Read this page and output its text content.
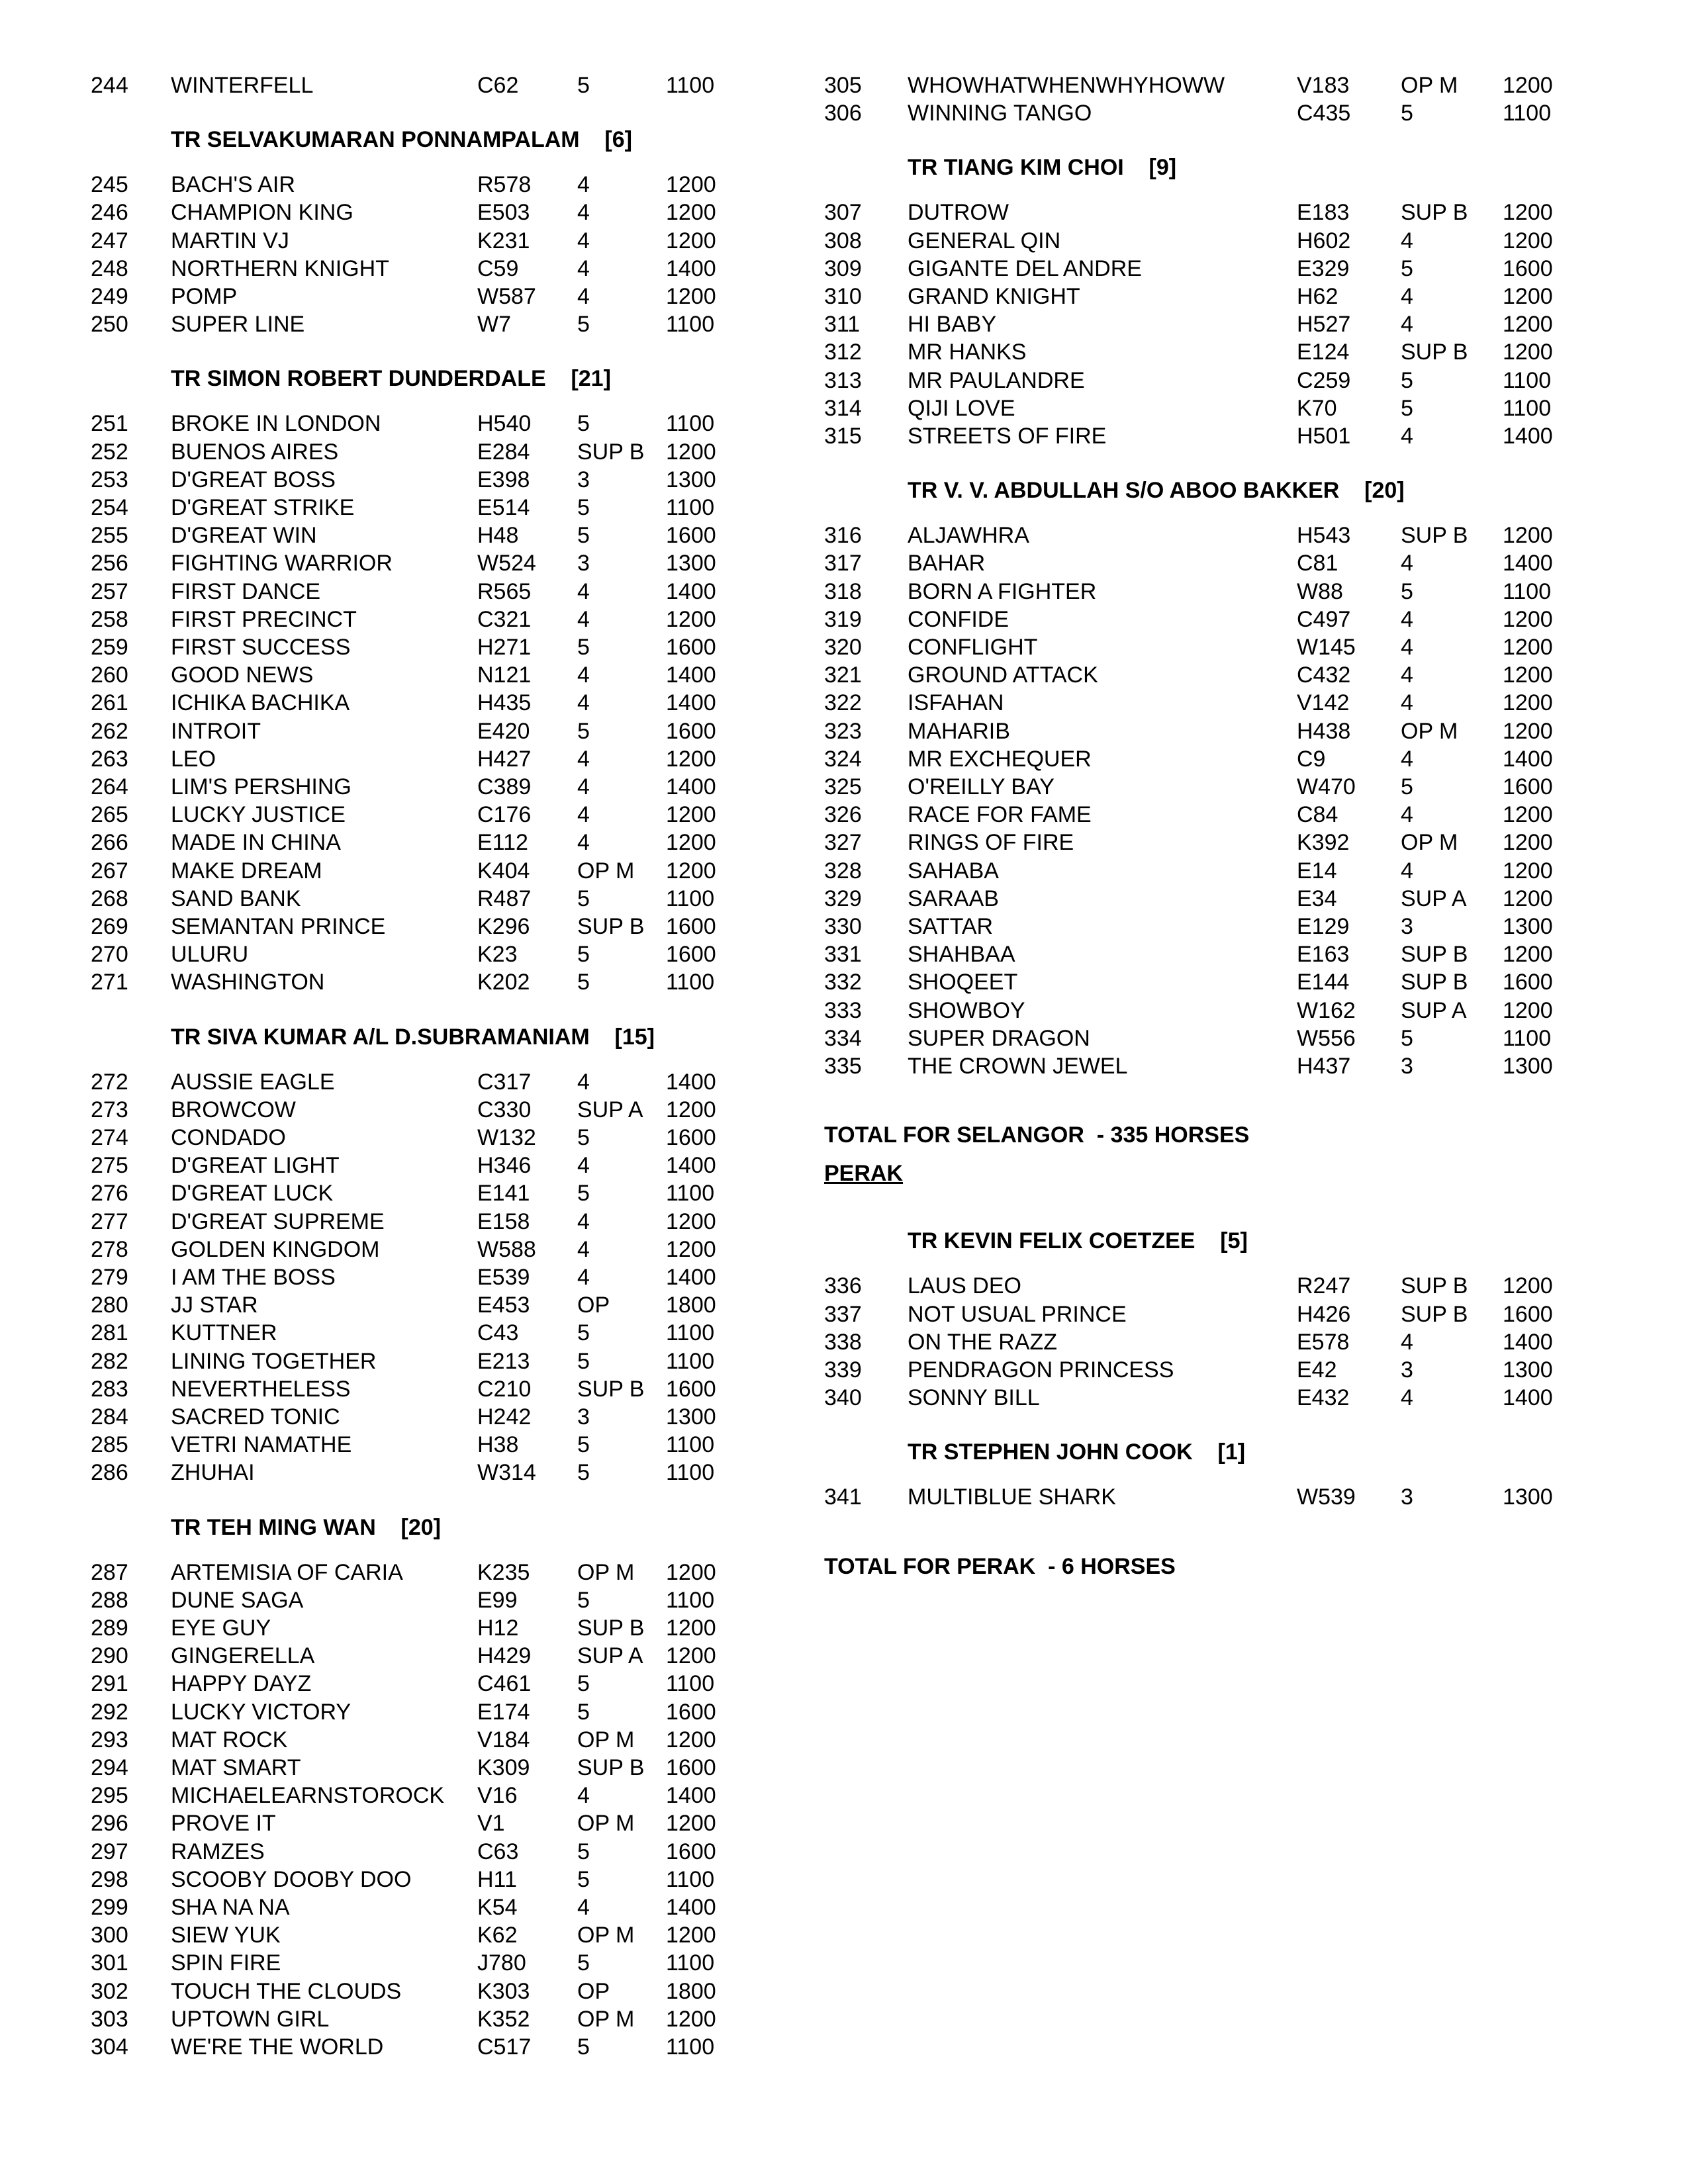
244 WINTERFELL	C62	5	1100
TR SELVAKUMARAN PONNAMPALAM    [6]
245 BACH'S AIR	R578 4	1200
246 CHAMPION KING	E503 4	1200
247 MARTIN VJ	K231 4	1200
248 NORTHERN KNIGHT	C59	4	1400
249 POMP	W587 4	1200
250 SUPER LINE	W7	5	1100
TR SIMON ROBERT DUNDERDALE    [21]
251 BROKE IN LONDON	H540 5	1100
252 BUENOS AIRES	E284 SUP B 1200
253 D'GREAT BOSS	E398 3	1300
254 D'GREAT STRIKE	E514 5	1100
255 D'GREAT WIN	H48	5	1600
256 FIGHTING WARRIOR	W524 3	1300
257 FIRST DANCE	R565 4	1400
258 FIRST PRECINCT	C321 4	1200
259 FIRST SUCCESS	H271 5	1600
260 GOOD NEWS	N121 4	1400
261 ICHIKA BACHIKA	H435 4	1400
262 INTROIT	E420 5	1600
263 LEO	H427 4	1200
264 LIM'S PERSHING	C389 4	1400
265 LUCKY JUSTICE	C176 4	1200
266 MADE IN CHINA	E112 4	1200
267 MAKE DREAM	K404 OP M 1200
268 SAND BANK	R487 5	1100
269 SEMANTAN PRINCE	K296 SUP B 1600
270 ULURU	K23	5	1600
271 WASHINGTON	K202 5	1100
TR SIVA KUMAR A/L D.SUBRAMANIAM    [15]
272 AUSSIE EAGLE	C317 4	1400
273 BROWCOW	C330 SUP A 1200
274 CONDADO	W132 5	1600
275 D'GREAT LIGHT	H346 4	1400
276 D'GREAT LUCK	E141 5	1100
277 D'GREAT SUPREME	E158 4	1200
278 GOLDEN KINGDOM	W588 4	1200
279 I AM THE BOSS	E539 4	1400
280 JJ STAR	E453 OP 1800
281 KUTTNER	C43	5	1100
282 LINING TOGETHER	E213 5	1100
283 NEVERTHELESS	C210 SUP B 1600
284 SACRED TONIC	H242 3	1300
285 VETRI NAMATHE	H38	5	1100
286 ZHUHAI	W314 5	1100
TR TEH MING WAN    [20]
287 ARTEMISIA OF CARIA	K235 OP M 1200
288 DUNE SAGA	E99	5	1100
289 EYE GUY	H12	SUP B 1200
290 GINGERELLA	H429 SUP A 1200
291 HAPPY DAYZ	C461 5	1100
292 LUCKY VICTORY	E174 5	1600
293 MAT ROCK	V184 OP M 1200
294 MAT SMART	K309 SUP B 1600
295 MICHAELEARNSTOROCK V16	4	1400
296 PROVE IT	V1	OP M 1200
297 RAMZES	C63	5	1600
298 SCOOBY DOOBY DOO	H11	5	1100
299 SHA NA NA	K54	4	1400
300 SIEW YUK	K62	OP M 1200
301 SPIN FIRE	J780 5	1100
302 TOUCH THE CLOUDS	K303 OP 1800
303 UPTOWN GIRL	K352 OP M 1200
304 WE'RE THE WORLD	C517 5	1100
305 WHOWHATWHENWHYHOWW	V183 OP M 1200
306 WINNING TANGO	C435 5	1100
TR TIANG KIM CHOI    [9]
307 DUTROW	E183 SUP B 1200
308 GENERAL QIN	H602 4	1200
309 GIGANTE DEL ANDRE	E329 5	1600
310 GRAND KNIGHT	H62	4	1200
311 HI BABY	H527 4	1200
312 MR HANKS	E124 SUP B 1200
313 MR PAULANDRE	C259 5	1100
314 QIJI LOVE	K70	5	1100
315 STREETS OF FIRE	H501 4	1400
TR V. V. ABDULLAH S/O ABOO BAKKER    [20]
316 ALJAWHRA	H543 SUP B 1200
317 BAHAR	C81	4	1400
318 BORN A FIGHTER	W88	5	1100
319 CONFIDE	C497 4	1200
320 CONFLIGHT	W145 4	1200
321 GROUND ATTACK	C432 4	1200
322 ISFAHAN	V142 4	1200
323 MAHARIB	H438 OP M 1200
324 MR EXCHEQUER	C9	4	1400
325 O'REILLY BAY	W470 5	1600
326 RACE FOR FAME	C84	4	1200
327 RINGS OF FIRE	K392 OP M 1200
328 SAHABA	E14	4	1200
329 SARAAB	E34	SUP A 1200
330 SATTAR	E129 3	1300
331 SHAHBAA	E163 SUP B 1200
332 SHOQEET	E144 SUP B 1600
333 SHOWBOY	W162 SUP A 1200
334 SUPER DRAGON	W556 5	1100
335 THE CROWN JEWEL	H437 3	1300
TOTAL FOR SELANGOR  - 335 HORSES
PERAK
TR KEVIN FELIX COETZEE    [5]
336 LAUS DEO	R247 SUP B 1200
337 NOT USUAL PRINCE	H426 SUP B 1600
338 ON THE RAZZ	E578 4	1400
339 PENDRAGON PRINCESS	E42	3	1300
340 SONNY BILL	E432 4	1400
TR STEPHEN JOHN COOK    [1]
341 MULTIBLUE SHARK	W539 3	1300
TOTAL FOR PERAK  - 6 HORSES
